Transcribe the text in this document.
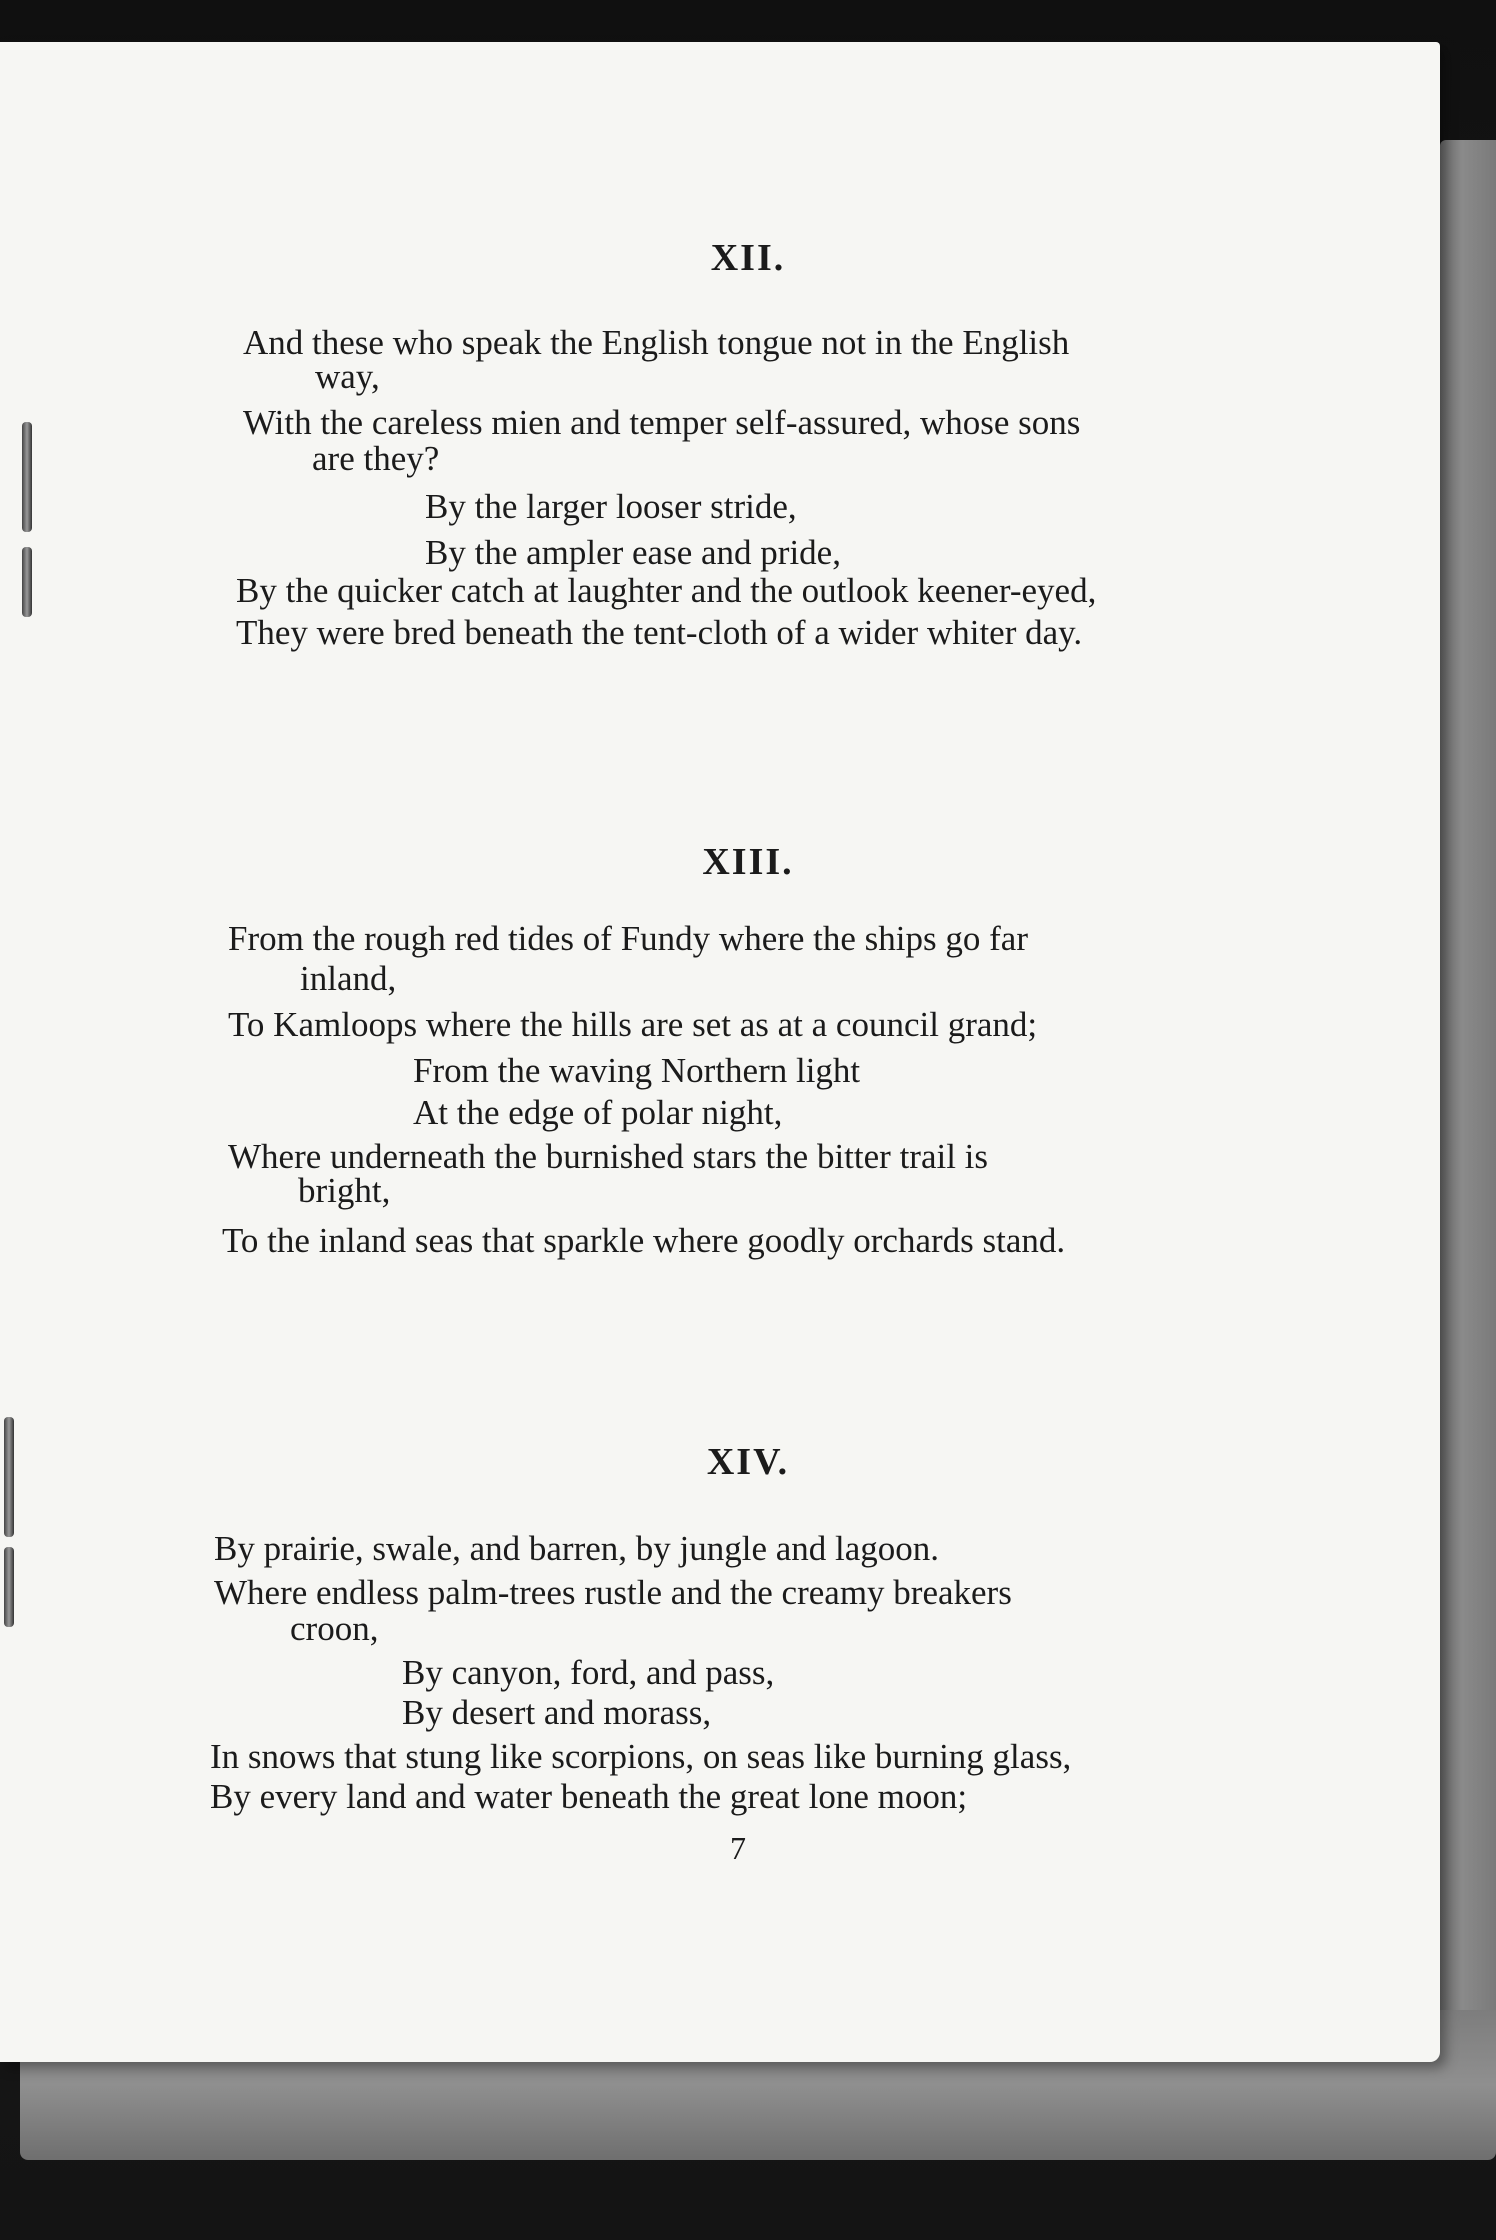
XII.
And these who speak the English tongue not in the English
way,
With the careless mien and temper self-assured, whose sons
are they?
By the larger looser stride,
By the ampler ease and pride,
By the quicker catch at laughter and the outlook keener-eyed,
They were bred beneath the tent-cloth of a wider whiter day.
XIII.
From the rough red tides of Fundy where the ships go far
inland,
To Kamloops where the hills are set as at a council grand;
From the waving Northern light
At the edge of polar night,
Where underneath the burnished stars the bitter trail is
bright,
To the inland seas that sparkle where goodly orchards stand.
XIV.
By prairie, swale, and barren, by jungle and lagoon.
Where endless palm-trees rustle and the creamy breakers
croon,
By canyon, ford, and pass,
By desert and morass,
In snows that stung like scorpions, on seas like burning glass,
By every land and water beneath the great lone moon;
7
